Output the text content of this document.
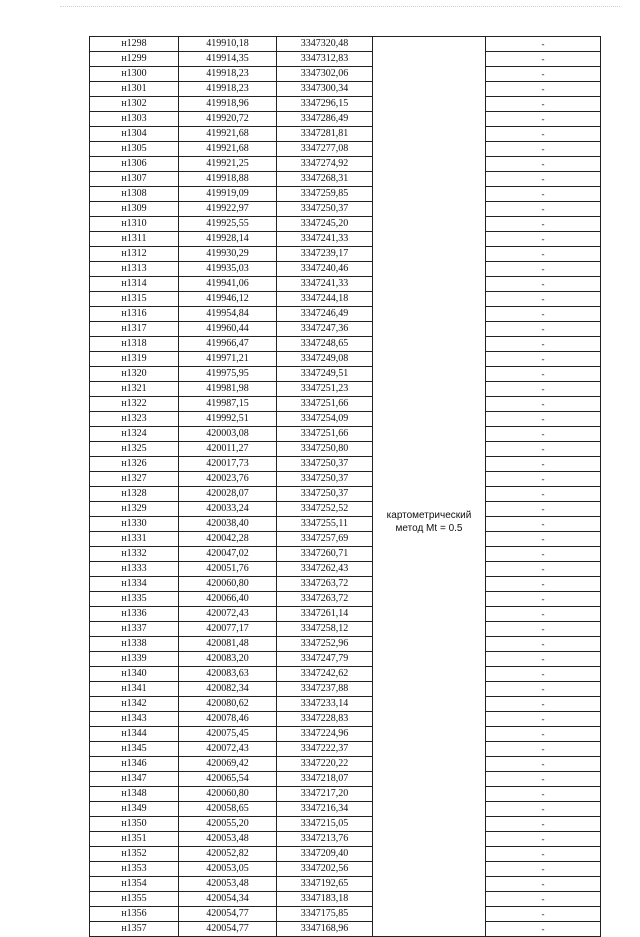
н1298	419910,18	3347320,48	картометрический
метод Mt = 0.5	-
н1299	419914,35	3347312,83		-
н1300	419918,23	3347302,06		-
н1301	419918,23	3347300,34		-
н1302	419918,96	3347296,15		-
н1303	419920,72	3347286,49		-
н1304	419921,68	3347281,81		-
н1305	419921,68	3347277,08		-
н1306	419921,25	3347274,92		-
н1307	419918,88	3347268,31		-
н1308	419919,09	3347259,85		-
н1309	419922,97	3347250,37		-
н1310	419925,55	3347245,20		-
н1311	419928,14	3347241,33		-
н1312	419930,29	3347239,17		-
н1313	419935,03	3347240,46		-
н1314	419941,06	3347241,33		-
н1315	419946,12	3347244,18		-
н1316	419954,84	3347246,49		-
н1317	419960,44	3347247,36		-
н1318	419966,47	3347248,65		-
н1319	419971,21	3347249,08		-
н1320	419975,95	3347249,51		-
н1321	419981,98	3347251,23		-
н1322	419987,15	3347251,66		-
н1323	419992,51	3347254,09		-
н1324	420003,08	3347251,66		-
н1325	420011,27	3347250,80		-
н1326	420017,73	3347250,37		-
н1327	420023,76	3347250,37		-
н1328	420028,07	3347250,37		-
н1329	420033,24	3347252,52		-
н1330	420038,40	3347255,11		-
н1331	420042,28	3347257,69		-
н1332	420047,02	3347260,71		-
н1333	420051,76	3347262,43		-
н1334	420060,80	3347263,72		-
н1335	420066,40	3347263,72		-
н1336	420072,43	3347261,14		-
н1337	420077,17	3347258,12		-
н1338	420081,48	3347252,96		-
н1339	420083,20	3347247,79		-
н1340	420083,63	3347242,62		-
н1341	420082,34	3347237,88		-
н1342	420080,62	3347233,14		-
н1343	420078,46	3347228,83		-
н1344	420075,45	3347224,96		-
н1345	420072,43	3347222,37		-
н1346	420069,42	3347220,22		-
н1347	420065,54	3347218,07		-
н1348	420060,80	3347217,20		-
н1349	420058,65	3347216,34		-
н1350	420055,20	3347215,05		-
н1351	420053,48	3347213,76		-
н1352	420052,82	3347209,40		-
н1353	420053,05	3347202,56		-
н1354	420053,48	3347192,65		-
н1355	420054,34	3347183,18		-
н1356	420054,77	3347175,85		-
н1357	420054,77	3347168,96		-
